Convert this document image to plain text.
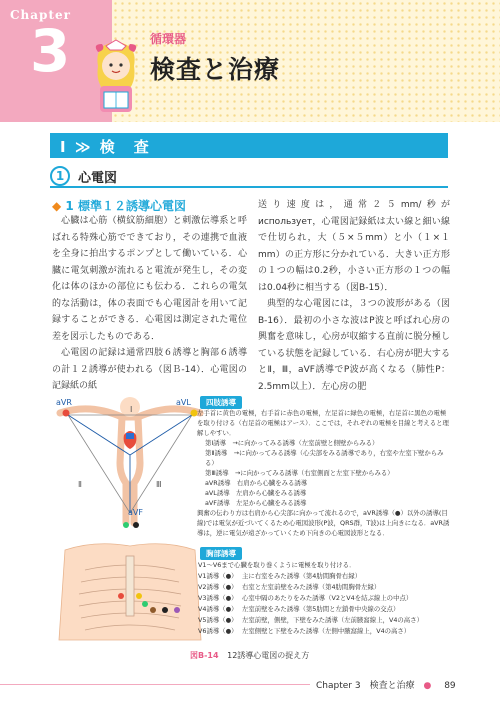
Chapter
3	循環器
検査と治療
Ⅰ ≫ 検　査
1	心電図
◆ 1 標準１２誘導心電図

心臓は心筋（横紋筋細胞）と刺激伝導系と呼ばれる特殊心筋でできており，その連携で血液を全身に拍出するポンプとして働いている．心臓に電気刺激が流れると電流が発生し，その変化は体のほかの部位にも伝わる．これらの電気的な活動は，体の表面でも心電図計を用いて記録することができる．心電図は測定された電位差を図示したものである．

心電図の記録は通常四肢６誘導と胸部６誘導の計１２誘導が使われる（図Ｂ-14）．心電図の記録紙の紙

送り速度は，通常２５mm/秒が использует，心電図記録紙は太い線と細い線で仕切られ，大（５×５mm）と小（１×１mm）の正方形に分かれている．大きい正方形の１つの幅は0.2秒，小さい正方形の１つの幅は0.04秒に相当する（図B-15）．

典型的な心電図には，３つの波形がある（図B-16）．最初の小さな波はP波と呼ばれ心房の興奮を意味し，心房が収縮する直前に脱分極している状態を記録している．右心房が肥大するとⅡ，Ⅲ，aVF誘導でP波が高くなる（肺性P：2.5mm以上）．左心房の肥

aVR	aVL
aVF
Ⅰ
Ⅱ	Ⅲ
四肢誘導
左手首に黄色の電極，右手首に赤色の電極，左足首に緑色の電極，右足首に黒色の電極を取り付ける（右足首の電極はアース）．ここでは，それぞれの電極を目線と考えると理解しやすい．
第Ⅰ誘導　→に向かってみる誘導（左室前壁と側壁からみる）
第Ⅱ誘導　→に向かってみる誘導（心尖部をみる誘導であり，右室や左室下壁からみる）
第Ⅲ誘導　→に向かってみる誘導（右室側面と左室下壁からみる）
aVR誘導　右肩から心臓をみる誘導
aVL誘導　左肩から心臓をみる誘導
aVF誘導　左足から心臓をみる誘導
興奮の伝わり方は右肩から心尖部に向かって流れるので，aVR誘導（●）以外の誘導(目線)では電気が近づいてくるため心電図波形(P波，QRS群，T波)は上向きになる．aVR誘導は，逆に電気が遠ざかっていくため下向きの心電図波形となる．
胸部誘導
V1〜V6まで心臓を取り巻くように電極を取り付ける．
V1誘導（●） 主に右室をみた誘導（第4肋間胸骨右縁）
V2誘導（●） 右室と左室前壁をみた誘導（第4肋間胸骨左縁）
V3誘導（●） 心室中隔のあたりをみた誘導（V2とV4を結ぶ線上の中点）
V4誘導（●） 左室前壁をみた誘導（第5肋間と左鎖骨中央線の交点）
V5誘導（●） 左室前壁，側壁，下壁をみた誘導（左前腋窩線上，V4の高さ）
V6誘導（●） 左室側壁と下壁をみた誘導（左側中腋窩線上，V4の高さ）
図B-14 12誘導心電図の捉え方
Chapter 3　検査と治療 ● 89
